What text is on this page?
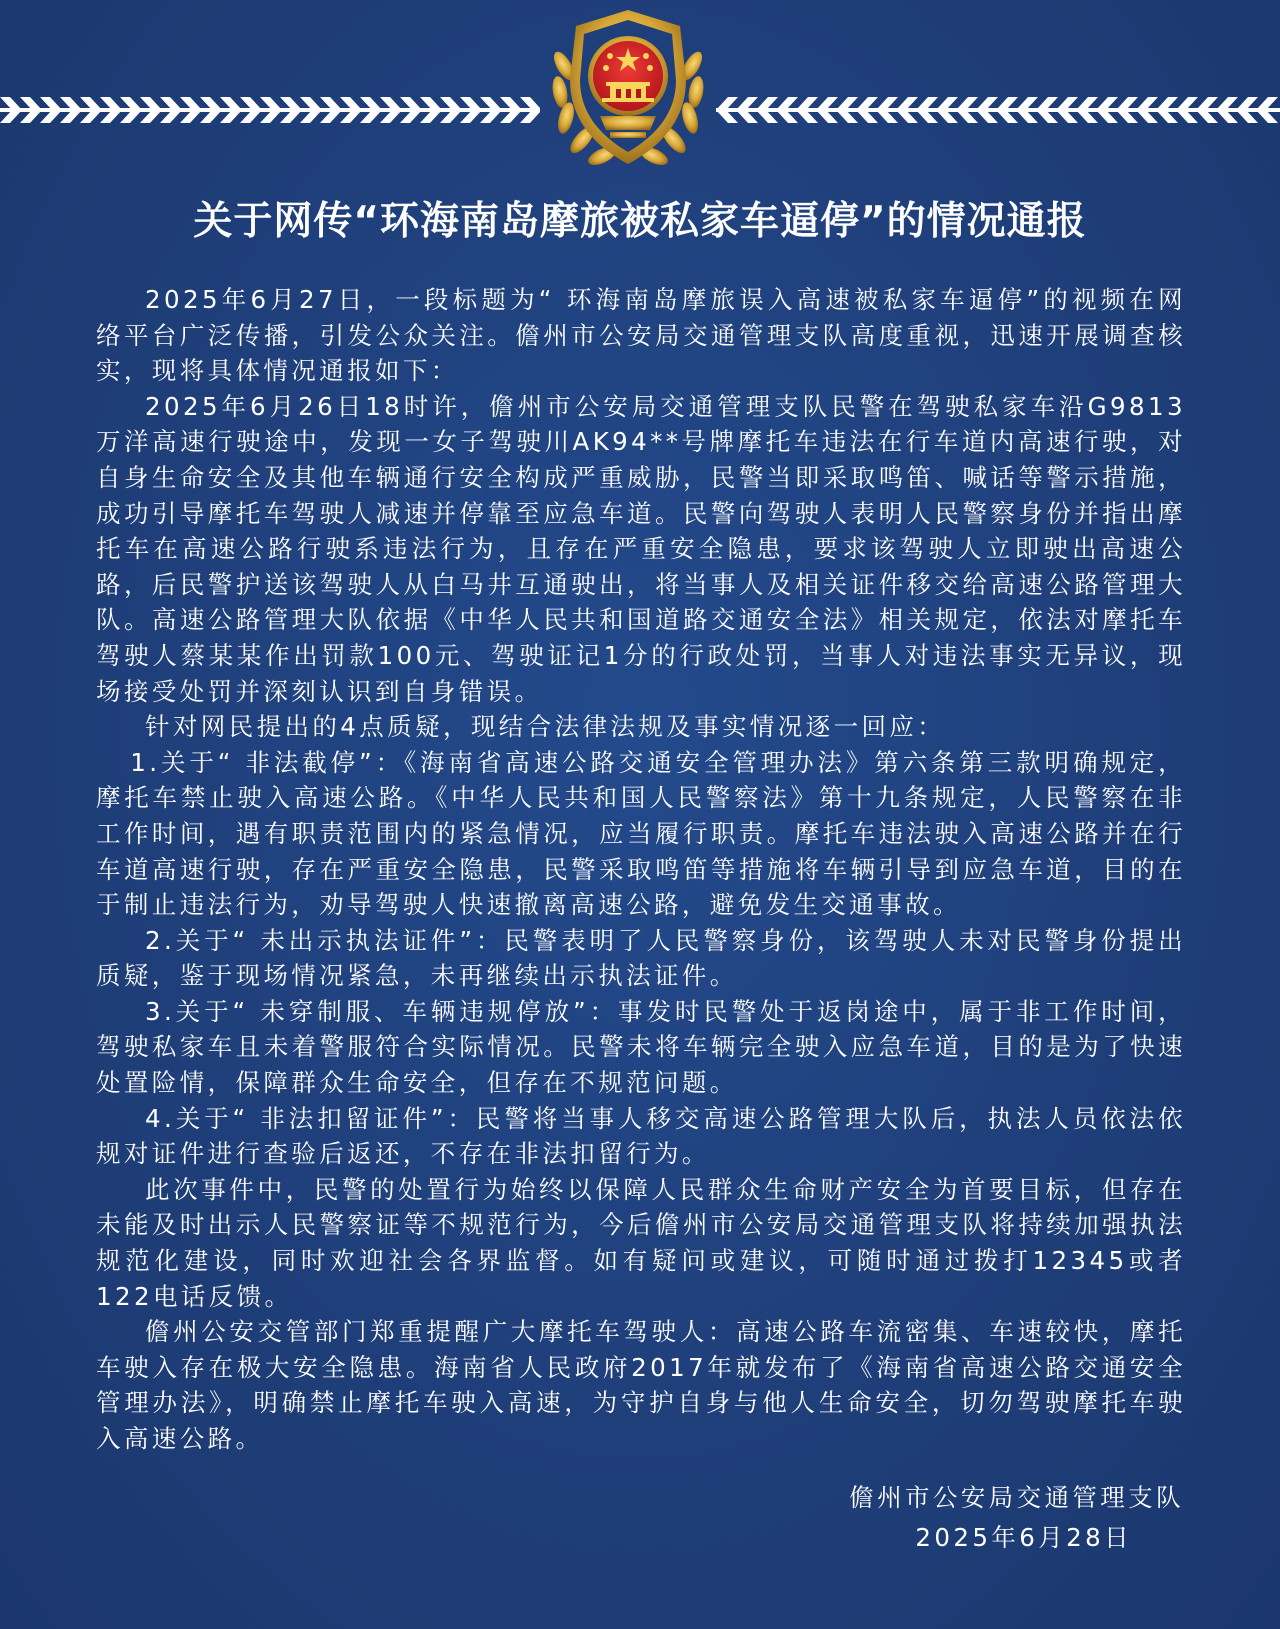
关于网传“环海南岛摩旅被私家车逼停”的情况通报

2025年6月27日，一段标题为“ 环海南岛摩旅误入高速被私家车逼停”的视频在网络平台广泛传播，引发公众关注。儋州市公安局交通管理支队高度重视，迅速开展调查核实，现将具体情况通报如下：

2025年6月26日18时许，儋州市公安局交通管理支队民警在驾驶私家车沿G9813万洋高速行驶途中，发现一女子驾驶川AK94**号牌摩托车违法在行车道内高速行驶，对自身生命安全及其他车辆通行安全构成严重威胁，民警当即采取鸣笛、喊话等警示措施，成功引导摩托车驾驶人减速并停靠至应急车道。民警向驾驶人表明人民警察身份并指出摩托车在高速公路行驶系违法行为，且存在严重安全隐患，要求该驾驶人立即驶出高速公路，后民警护送该驾驶人从白马井互通驶出，将当事人及相关证件移交给高速公路管理大队。高速公路管理大队依据《中华人民共和国道路交通安全法》相关规定，依法对摩托车驾驶人蔡某某作出罚款100元、驾驶证记1分的行政处罚，当事人对违法事实无异议，现场接受处罚并深刻认识到自身错误。

针对网民提出的4点质疑，现结合法律法规及事实情况逐一回应：

1.关于“ 非法截停”：《海南省高速公路交通安全管理办法》第六条第三款明确规定，摩托车禁止驶入高速公路。《中华人民共和国人民警察法》第十九条规定，人民警察在非工作时间，遇有职责范围内的紧急情况，应当履行职责。摩托车违法驶入高速公路并在行车道高速行驶，存在严重安全隐患，民警采取鸣笛等措施将车辆引导到应急车道，目的在于制止违法行为，劝导驾驶人快速撤离高速公路，避免发生交通事故。

2.关于“ 未出示执法证件”：民警表明了人民警察身份，该驾驶人未对民警身份提出质疑，鉴于现场情况紧急，未再继续出示执法证件。

3.关于“ 未穿制服、车辆违规停放”：事发时民警处于返岗途中，属于非工作时间，驾驶私家车且未着警服符合实际情况。民警未将车辆完全驶入应急车道，目的是为了快速处置险情，保障群众生命安全，但存在不规范问题。

4.关于“ 非法扣留证件”：民警将当事人移交高速公路管理大队后，执法人员依法依规对证件进行查验后返还，不存在非法扣留行为。

此次事件中，民警的处置行为始终以保障人民群众生命财产安全为首要目标，但存在未能及时出示人民警察证等不规范行为，今后儋州市公安局交通管理支队将持续加强执法规范化建设，同时欢迎社会各界监督。如有疑问或建议，可随时通过拨打12345或者122电话反馈。

儋州公安交管部门郑重提醒广大摩托车驾驶人：高速公路车流密集、车速较快，摩托车驶入存在极大安全隐患。海南省人民政府2017年就发布了《海南省高速公路交通安全管理办法》，明确禁止摩托车驶入高速，为守护自身与他人生命安全，切勿驾驶摩托车驶入高速公路。

儋州市公安局交通管理支队
2025年6月28日
